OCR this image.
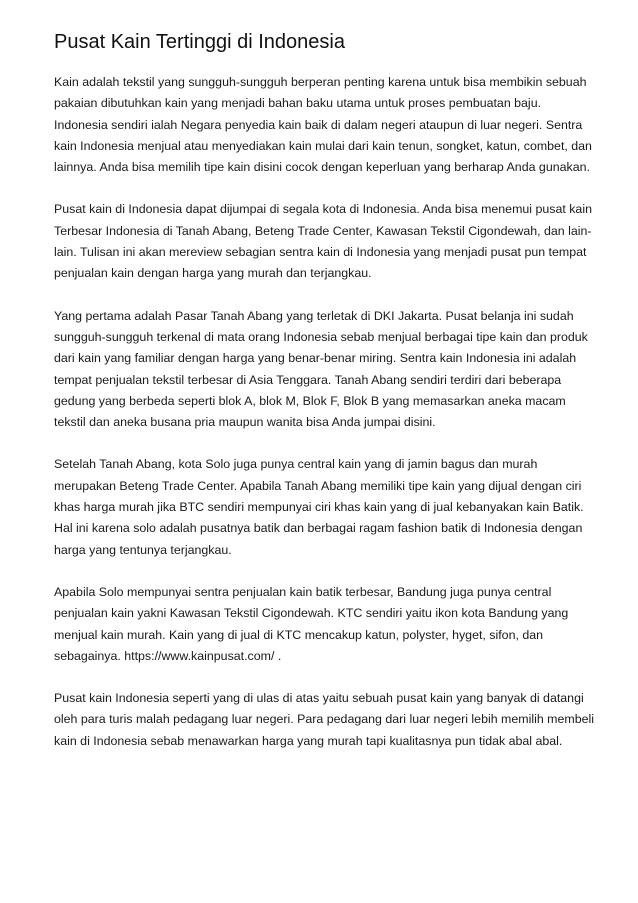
Pusat Kain Tertinggi di Indonesia

Kain adalah tekstil yang sungguh-sungguh berperan penting karena untuk bisa membikin sebuah pakaian dibutuhkan kain yang menjadi bahan baku utama untuk proses pembuatan baju. Indonesia sendiri ialah Negara penyedia kain baik di dalam negeri ataupun di luar negeri. Sentra kain Indonesia menjual atau menyediakan kain mulai dari kain tenun, songket, katun, combet, dan lainnya. Anda bisa memilih tipe kain disini cocok dengan keperluan yang berharap Anda gunakan.

Pusat kain di Indonesia dapat dijumpai di segala kota di Indonesia. Anda bisa menemui pusat kain Terbesar Indonesia di Tanah Abang, Beteng Trade Center, Kawasan Tekstil Cigondewah, dan lain-lain. Tulisan ini akan mereview sebagian sentra kain di Indonesia yang menjadi pusat pun tempat penjualan kain dengan harga yang murah dan terjangkau.

Yang pertama adalah Pasar Tanah Abang yang terletak di DKI Jakarta. Pusat belanja ini sudah sungguh-sungguh terkenal di mata orang Indonesia sebab menjual berbagai tipe kain dan produk dari kain yang familiar dengan harga yang benar-benar miring. Sentra kain Indonesia ini adalah tempat penjualan tekstil terbesar di Asia Tenggara. Tanah Abang sendiri terdiri dari beberapa gedung yang berbeda seperti blok A, blok M, Blok F, Blok B yang memasarkan aneka macam tekstil dan aneka busana pria maupun wanita bisa Anda jumpai disini.

Setelah Tanah Abang, kota Solo juga punya central kain yang di jamin bagus dan murah merupakan Beteng Trade Center. Apabila Tanah Abang memiliki tipe kain yang dijual dengan ciri khas harga murah jika BTC sendiri mempunyai ciri khas kain yang di jual kebanyakan kain Batik. Hal ini karena solo adalah pusatnya batik dan berbagai ragam fashion batik di Indonesia dengan harga yang tentunya terjangkau.

Apabila Solo mempunyai sentra penjualan kain batik terbesar, Bandung juga punya central penjualan kain yakni Kawasan Tekstil Cigondewah. KTC sendiri yaitu ikon kota Bandung yang menjual kain murah. Kain yang di jual di KTC mencakup katun, polyster, hyget, sifon, dan sebagainya. https://www.kainpusat.com/ .

Pusat kain Indonesia seperti yang di ulas di atas yaitu sebuah pusat kain yang banyak di datangi oleh para turis malah pedagang luar negeri. Para pedagang dari luar negeri lebih memilih membeli kain di Indonesia sebab menawarkan harga yang murah tapi kualitasnya pun tidak abal abal.
